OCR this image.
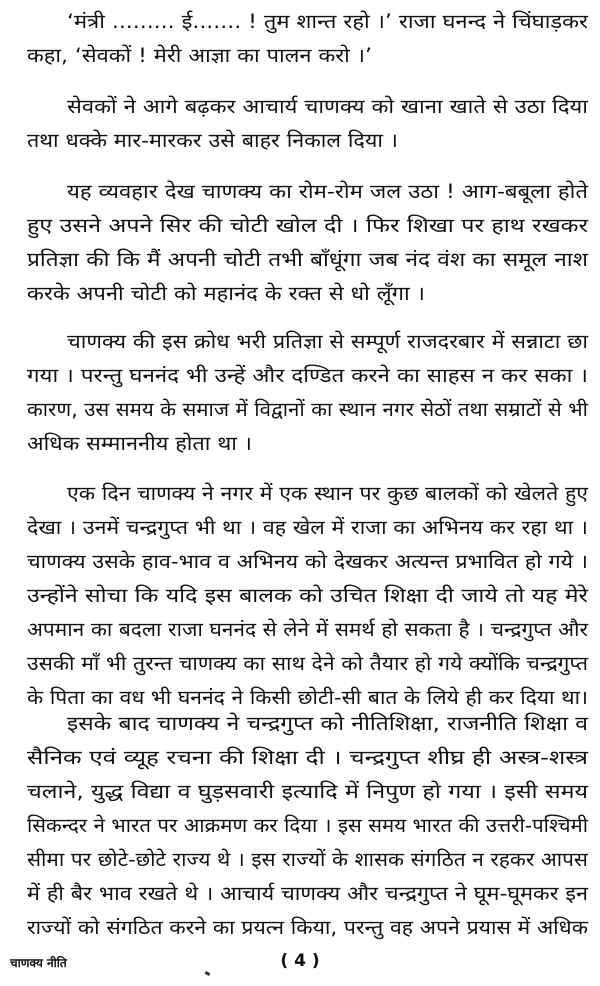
‘मंत्री ......... ई....... ! तुम शान्त रहो ।’ राजा घनन्द ने चिंघाड़कर
कहा, ‘सेवकों ! मेरी आज्ञा का पालन करो ।’
सेवकों ने आगे बढ़कर आचार्य चाणक्य को खाना खाते से उठा दिया
तथा धक्के मार-मारकर उसे बाहर निकाल दिया ।
यह व्यवहार देख चाणक्य का रोम-रोम जल उठा ! आग-बबूला होते
हुए उसने अपने सिर की चोटी खोल दी । फिर शिखा पर हाथ रखकर
प्रतिज्ञा की कि मैं अपनी चोटी तभी बाँधूंगा जब नंद वंश का समूल नाश
करके अपनी चोटी को महानंद के रक्त से धो लूँगा ।
चाणक्य की इस क्रोध भरी प्रतिज्ञा से सम्पूर्ण राजदरबार में सन्नाटा छा
गया । परन्तु घननंद भी उन्हें और दण्डित करने का साहस न कर सका ।
कारण, उस समय के समाज में विद्वानों का स्थान नगर सेठों तथा सम्राटों से भी
अधिक सम्माननीय होता था ।
एक दिन चाणक्य ने नगर में एक स्थान पर कुछ बालकों को खेलते हुए
देखा । उनमें चन्द्रगुप्त भी था । वह खेल में राजा का अभिनय कर रहा था ।
चाणक्य उसके हाव-भाव व अभिनय को देखकर अत्यन्त प्रभावित हो गये ।
उन्होंने सोचा कि यदि इस बालक को उचित शिक्षा दी जाये तो यह मेरे
अपमान का बदला राजा घननंद से लेने में समर्थ हो सकता है । चन्द्रगुप्त और
उसकी माँ भी तुरन्त चाणक्य का साथ देने को तैयार हो गये क्योंकि चन्द्रगुप्त
के पिता का वध भी घननंद ने किसी छोटी-सी बात के लिये ही कर दिया था।
इसके बाद चाणक्य ने चन्द्रगुप्त को नीतिशिक्षा, राजनीति शिक्षा व
सैनिक एवं व्यूह रचना की शिक्षा दी । चन्द्रगुप्त शीघ्र ही अस्त्र-शस्त्र
चलाने, युद्ध विद्या व घुड़सवारी इत्यादि में निपुण हो गया । इसी समय
सिकन्दर ने भारत पर आक्रमण कर दिया । इस समय भारत की उत्तरी-पश्चिमी
सीमा पर छोटे-छोटे राज्य थे । इस राज्यों के शासक संगठित न रहकर आपस
में ही बैर भाव रखते थे । आचार्य चाणक्य और चन्द्रगुप्त ने घूम-घूमकर इन
राज्यों को संगठित करने का प्रयत्न किया, परन्तु वह अपने प्रयास में अधिक
चाणक्य नीति	( 4 )
